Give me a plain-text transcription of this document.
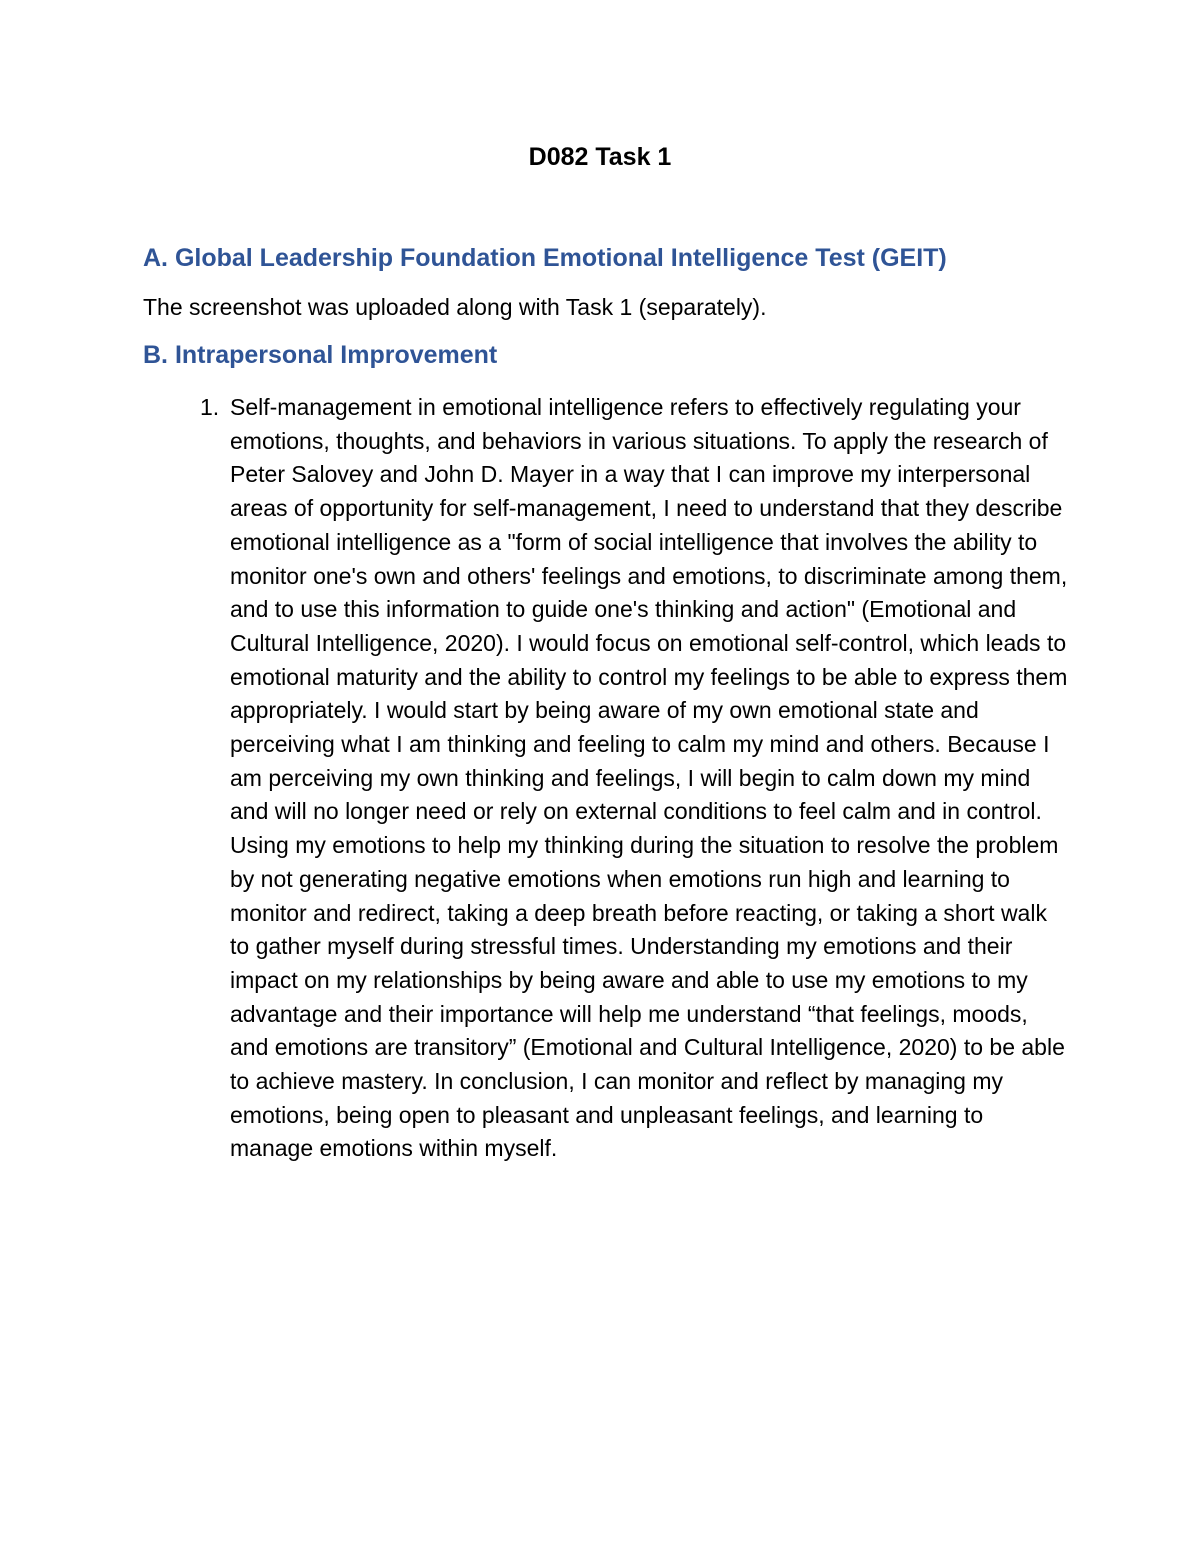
D082 Task 1
A. Global Leadership Foundation Emotional Intelligence Test (GEIT)

The screenshot was uploaded along with Task 1 (separately).

B. Intrapersonal Improvement
1. Self-management in emotional intelligence refers to effectively regulating your emotions, thoughts, and behaviors in various situations. To apply the research of Peter Salovey and John D. Mayer in a way that I can improve my interpersonal areas of opportunity for self-management, I need to understand that they describe emotional intelligence as a "form of social intelligence that involves the ability to monitor one's own and others' feelings and emotions, to discriminate among them, and to use this information to guide one's thinking and action" (Emotional and Cultural Intelligence, 2020). I would focus on emotional self-control, which leads to emotional maturity and the ability to control my feelings to be able to express them appropriately. I would start by being aware of my own emotional state and perceiving what I am thinking and feeling to calm my mind and others. Because I am perceiving my own thinking and feelings, I will begin to calm down my mind and will no longer need or rely on external conditions to feel calm and in control. Using my emotions to help my thinking during the situation to resolve the problem by not generating negative emotions when emotions run high and learning to monitor and redirect, taking a deep breath before reacting, or taking a short walk to gather myself during stressful times. Understanding my emotions and their impact on my relationships by being aware and able to use my emotions to my advantage and their importance will help me understand “that feelings, moods, and emotions are transitory” (Emotional and Cultural Intelligence, 2020) to be able to achieve mastery. In conclusion, I can monitor and reflect by managing my emotions, being open to pleasant and unpleasant feelings, and learning to manage emotions within myself.
